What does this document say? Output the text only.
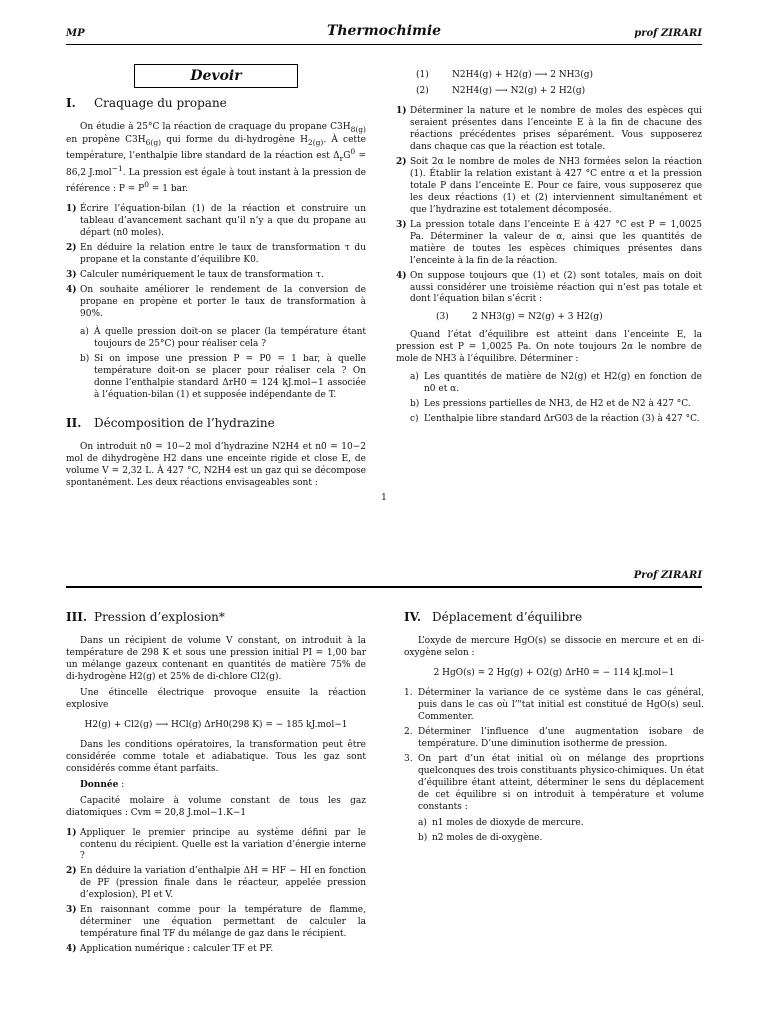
MP	Thermochimie	prof ZIRARI
Devoir
I. Craquage du propane

On étudie à 25°C la réaction de craquage du propane $C3H_{8(g)}$ en propène $C3H_{6(g)}$ qui forme du di-hydrogène $H_{2(g)}$. À cette température, l’enthalpie libre standard de la réaction est $\Delta_rG^0 = 86,2$ J.mol$^{-1}$. La pression est égale à tout instant à la pression de référence : $P = P^0 = 1$ bar.

1) Écrire l’équation-bilan (1) de la réaction et construire un tableau d’avancement sachant qu’il n’y a que du propane au départ (n0 moles).
2) En déduire la relation entre le taux de transformation τ du propane et la constante d’équilibre K0.
3) Calculer numériquement le taux de transformation τ.
4) On souhaite améliorer le rendement de la conversion de propane en propène et porter le taux de transformation à 90%.
a) À quelle pression doit-on se placer (la température étant toujours de 25°C) pour réaliser cela ?
b) Si on impose une pression P = P0 = 1 bar, à quelle température doit-on se placer pour réaliser cela ? On donne l’enthalpie standard ΔrH0 = 124 kJ.mol−1 associée à l’équation-bilan (1) et supposée indépendante de T.
II. Décomposition de l’hydrazine

On introduit n0 = 10−2 mol d’hydrazine N2H4 et n0 = 10−2 mol de dihydrogène H2 dans une enceinte rigide et close E, de volume V = 2,32 L. À 427 °C, N2H4 est un gaz qui se décompose spontanément. Les deux réactions envisageables sont :

(1)	N2H4(g) + H2(g) ⟶ 2 NH3(g)
(2)	N2H4(g) ⟶ N2(g) + 2 H2(g)
1) Déterminer la nature et le nombre de moles des espèces qui seraient présentes dans l’enceinte E à la fin de chacune des réactions précédentes prises séparément. Vous supposerez dans chaque cas que la réaction est totale.
2) Soit 2α le nombre de moles de NH3 formées selon la réaction (1). Établir la relation existant à 427 °C entre α et la pression totale P dans l’enceinte E. Pour ce faire, vous supposerez que les deux réactions (1) et (2) interviennent simultanément et que l’hydrazine est totalement décomposée.
3) La pression totale dans l’enceinte E à 427 °C est P = 1,0025 Pa. Déterminer la valeur de α, ainsi que les quantités de matière de toutes les espèces chimiques présentes dans l’enceinte à la fin de la réaction.
4) On suppose toujours que (1) et (2) sont totales, mais on doit aussi considérer une troisième réaction qui n’est pas totale et dont l’équation bilan s’écrit :
(3)	2 NH3(g) = N2(g) + 3 H2(g)

Quand l’état d’équilibre est atteint dans l’enceinte E, la pression est P = 1,0025 Pa. On note toujours 2α le nombre de mole de NH3 à l’équilibre. Déterminer :

a) Les quantités de matière de N2(g) et H2(g) en fonction de n0 et α.
b) Les pressions partielles de NH3, de H2 et de N2 à 427 °C.
c) L’enthalpie libre standard ΔrG03 de la réaction (3) à 427 °C.
1
Prof ZIRARI
III. Pression d’explosion*

Dans un récipient de volume V constant, on introduit à la température de 298 K et sous une pression initial PI = 1,00 bar un mélange gazeux contenant en quantités de matière 75% de di-hydrogène H2(g) et 25% de di-chlore Cl2(g).

Une étincelle électrique provoque ensuite la réaction explosive

H2(g) + Cl2(g) ⟶ HCl(g) ΔrH0(298 K) = − 185 kJ.mol−1

Dans les conditions opératoires, la transformation peut être considérée comme totale et adiabatique. Tous les gaz sont considérés comme étant parfaits.

Donnée :

Capacité molaire à volume constant de tous les gaz diatomiques : Cvm = 20,8 J.mol−1.K−1

1) Appliquer le premier principe au système défini par le contenu du récipient. Quelle est la variation d’énergie interne ?
2) En déduire la variation d’enthalpie ΔH = HF − HI en fonction de PF (pression finale dans le réacteur, appelée pression d’explosion), PI et V.
3) En raisonnant comme pour la température de flamme, déterminer une équation permettant de calculer la température final TF du mélange de gaz dans le récipient.
4) Application numérique : calculer TF et PF.
IV. Déplacement d’équilibre

L’oxyde de mercure HgO(s) se dissocie en mercure et en di-oxygène selon :

2 HgO(s) = 2 Hg(g) + O2(g) ΔrH0 = − 114 kJ.mol−1

1. Déterminer la variance de ce système dans le cas général, puis dans le cas où l’"tat initial est constitué de HgO(s) seul. Commenter.
2. Déterminer l’influence d’une augmentation isobare de température. D’une diminution isotherme de pression.
3. On part d’un état initial où on mélange des proprtions quelconques des trois constituants physico-chimiques. Un état d’équilibre étant atteint, déterminer le sens du déplacement de cet équilibre si on introduit à température et volume constants :
a) n1 moles de dioxyde de mercure.
b) n2 moles de di-oxygène.
